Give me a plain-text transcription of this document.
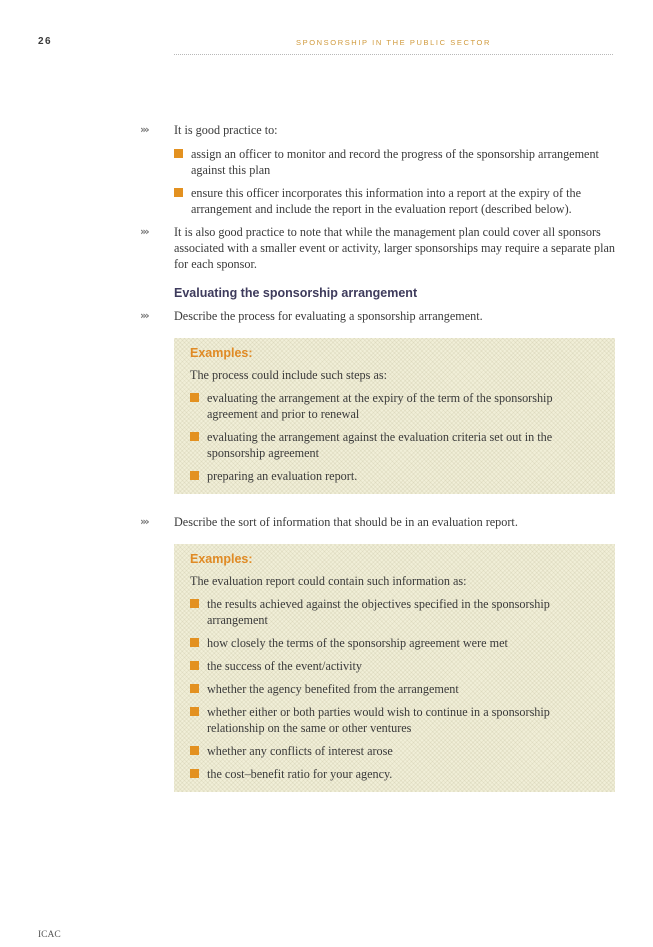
26	SPONSORSHIP IN THE PUBLIC SECTOR
››› It is good practice to:
assign an officer to monitor and record the progress of the sponsorship arrangement against this plan
ensure this officer incorporates this information into a report at the expiry of the arrangement and include the report in the evaluation report (described below).
››› It is also good practice to note that while the management plan could cover all sponsors associated with a smaller event or activity, larger sponsorships may require a separate plan for each sponsor.
Evaluating the sponsorship arrangement
››› Describe the process for evaluating a sponsorship arrangement.
Examples:
The process could include such steps as:
evaluating the arrangement at the expiry of the term of the sponsorship agreement and prior to renewal
evaluating the arrangement against the evaluation criteria set out in the sponsorship agreement
preparing an evaluation report.
››› Describe the sort of information that should be in an evaluation report.
Examples:
The evaluation report could contain such information as:
the results achieved against the objectives specified in the sponsorship arrangement
how closely the terms of the sponsorship agreement were met
the success of the event/activity
whether the agency benefited from the arrangement
whether either or both parties would wish to continue in a sponsorship relationship on the same or other ventures
whether any conflicts of interest arose
the cost–benefit ratio for your agency.
ICAC
